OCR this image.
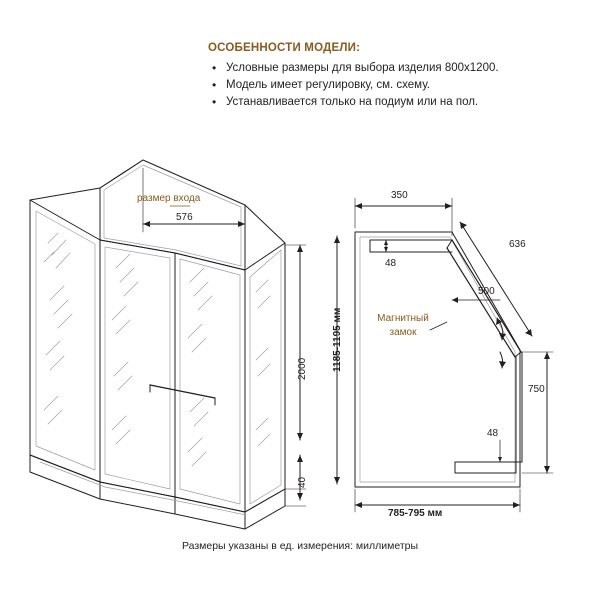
ОСОБЕННОСТИ МОДЕЛИ:
• Условные размеры для выбора изделия 800х1200.
• Модель имеет регулировку, см. схему.
• Устанавливается только на подиум или на пол.
размер входа
576
2000
40
350
636
48
500
Магнитный
замок
1185-1195 мм
750
48
785-795 мм
Размеры указаны в ед. измерения: миллиметры
